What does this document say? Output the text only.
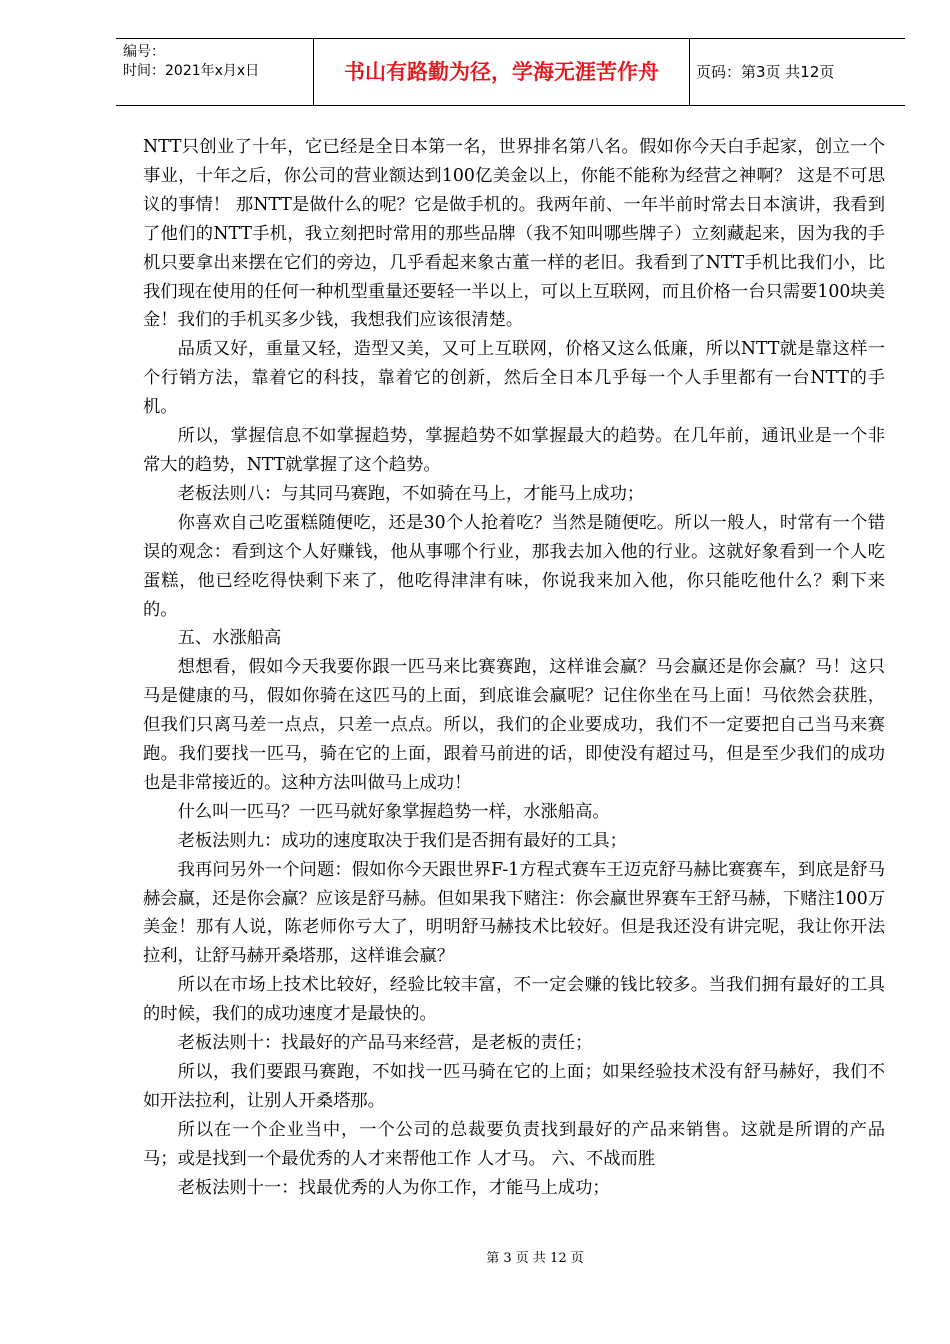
编号：
时间：2021年x月x日	书山有路勤为径，学海无涯苦作舟	页码：第3页 共12页

NTT只创业了十年，它已经是全日本第一名，世界排名第八名。假如你今天白手起家，创立一个事业，十年之后，你公司的营业额达到100亿美金以上，你能不能称为经营之神啊？ 这是不可思议的事情！ 那NTT是做什么的呢？它是做手机的。我两年前、一年半前时常去日本演讲，我看到了他们的NTT手机，我立刻把时常用的那些品牌（我不知叫哪些牌子）立刻藏起来，因为我的手机只要拿出来摆在它们的旁边，几乎看起来象古董一样的老旧。我看到了NTT手机比我们小，比我们现在使用的任何一种机型重量还要轻一半以上，可以上互联网，而且价格一台只需要100块美金！我们的手机买多少钱，我想我们应该很清楚。

品质又好，重量又轻，造型又美，又可上互联网，价格又这么低廉，所以NTT就是靠这样一个行销方法，靠着它的科技，靠着它的创新，然后全日本几乎每一个人手里都有一台NTT的手机。

所以，掌握信息不如掌握趋势，掌握趋势不如掌握最大的趋势。在几年前，通讯业是一个非常大的趋势，NTT就掌握了这个趋势。

老板法则八：与其同马赛跑，不如骑在马上，才能马上成功；

你喜欢自己吃蛋糕随便吃，还是30个人抢着吃？当然是随便吃。所以一般人，时常有一个错误的观念：看到这个人好赚钱，他从事哪个行业，那我去加入他的行业。这就好象看到一个人吃蛋糕，他已经吃得快剩下来了，他吃得津津有味，你说我来加入他，你只能吃他什么？剩下来的。

五、水涨船高

想想看，假如今天我要你跟一匹马来比赛赛跑，这样谁会赢？马会赢还是你会赢？马！这只马是健康的马，假如你骑在这匹马的上面，到底谁会赢呢？记住你坐在马上面！马依然会获胜，但我们只离马差一点点，只差一点点。所以，我们的企业要成功，我们不一定要把自己当马来赛跑。我们要找一匹马，骑在它的上面，跟着马前进的话，即使没有超过马，但是至少我们的成功也是非常接近的。这种方法叫做马上成功！

什么叫一匹马？一匹马就好象掌握趋势一样，水涨船高。

老板法则九：成功的速度取决于我们是否拥有最好的工具；

我再问另外一个问题：假如你今天跟世界F-1方程式赛车王迈克舒马赫比赛赛车，到底是舒马赫会赢，还是你会赢？应该是舒马赫。但如果我下赌注：你会赢世界赛车王舒马赫，下赌注100万美金！那有人说，陈老师你亏大了，明明舒马赫技术比较好。但是我还没有讲完呢，我让你开法拉利，让舒马赫开桑塔那，这样谁会赢？

所以在市场上技术比较好，经验比较丰富，不一定会赚的钱比较多。当我们拥有最好的工具的时候，我们的成功速度才是最快的。

老板法则十：找最好的产品马来经营，是老板的责任；

所以，我们要跟马赛跑，不如找一匹马骑在它的上面；如果经验技术没有舒马赫好，我们不如开法拉利，让别人开桑塔那。

所以在一个企业当中，一个公司的总裁要负责找到最好的产品来销售。这就是所谓的产品马；或是找到一个最优秀的人才来帮他工作 人才马。 六、不战而胜

老板法则十一：找最优秀的人为你工作，才能马上成功；

第 3 页 共 12 页
